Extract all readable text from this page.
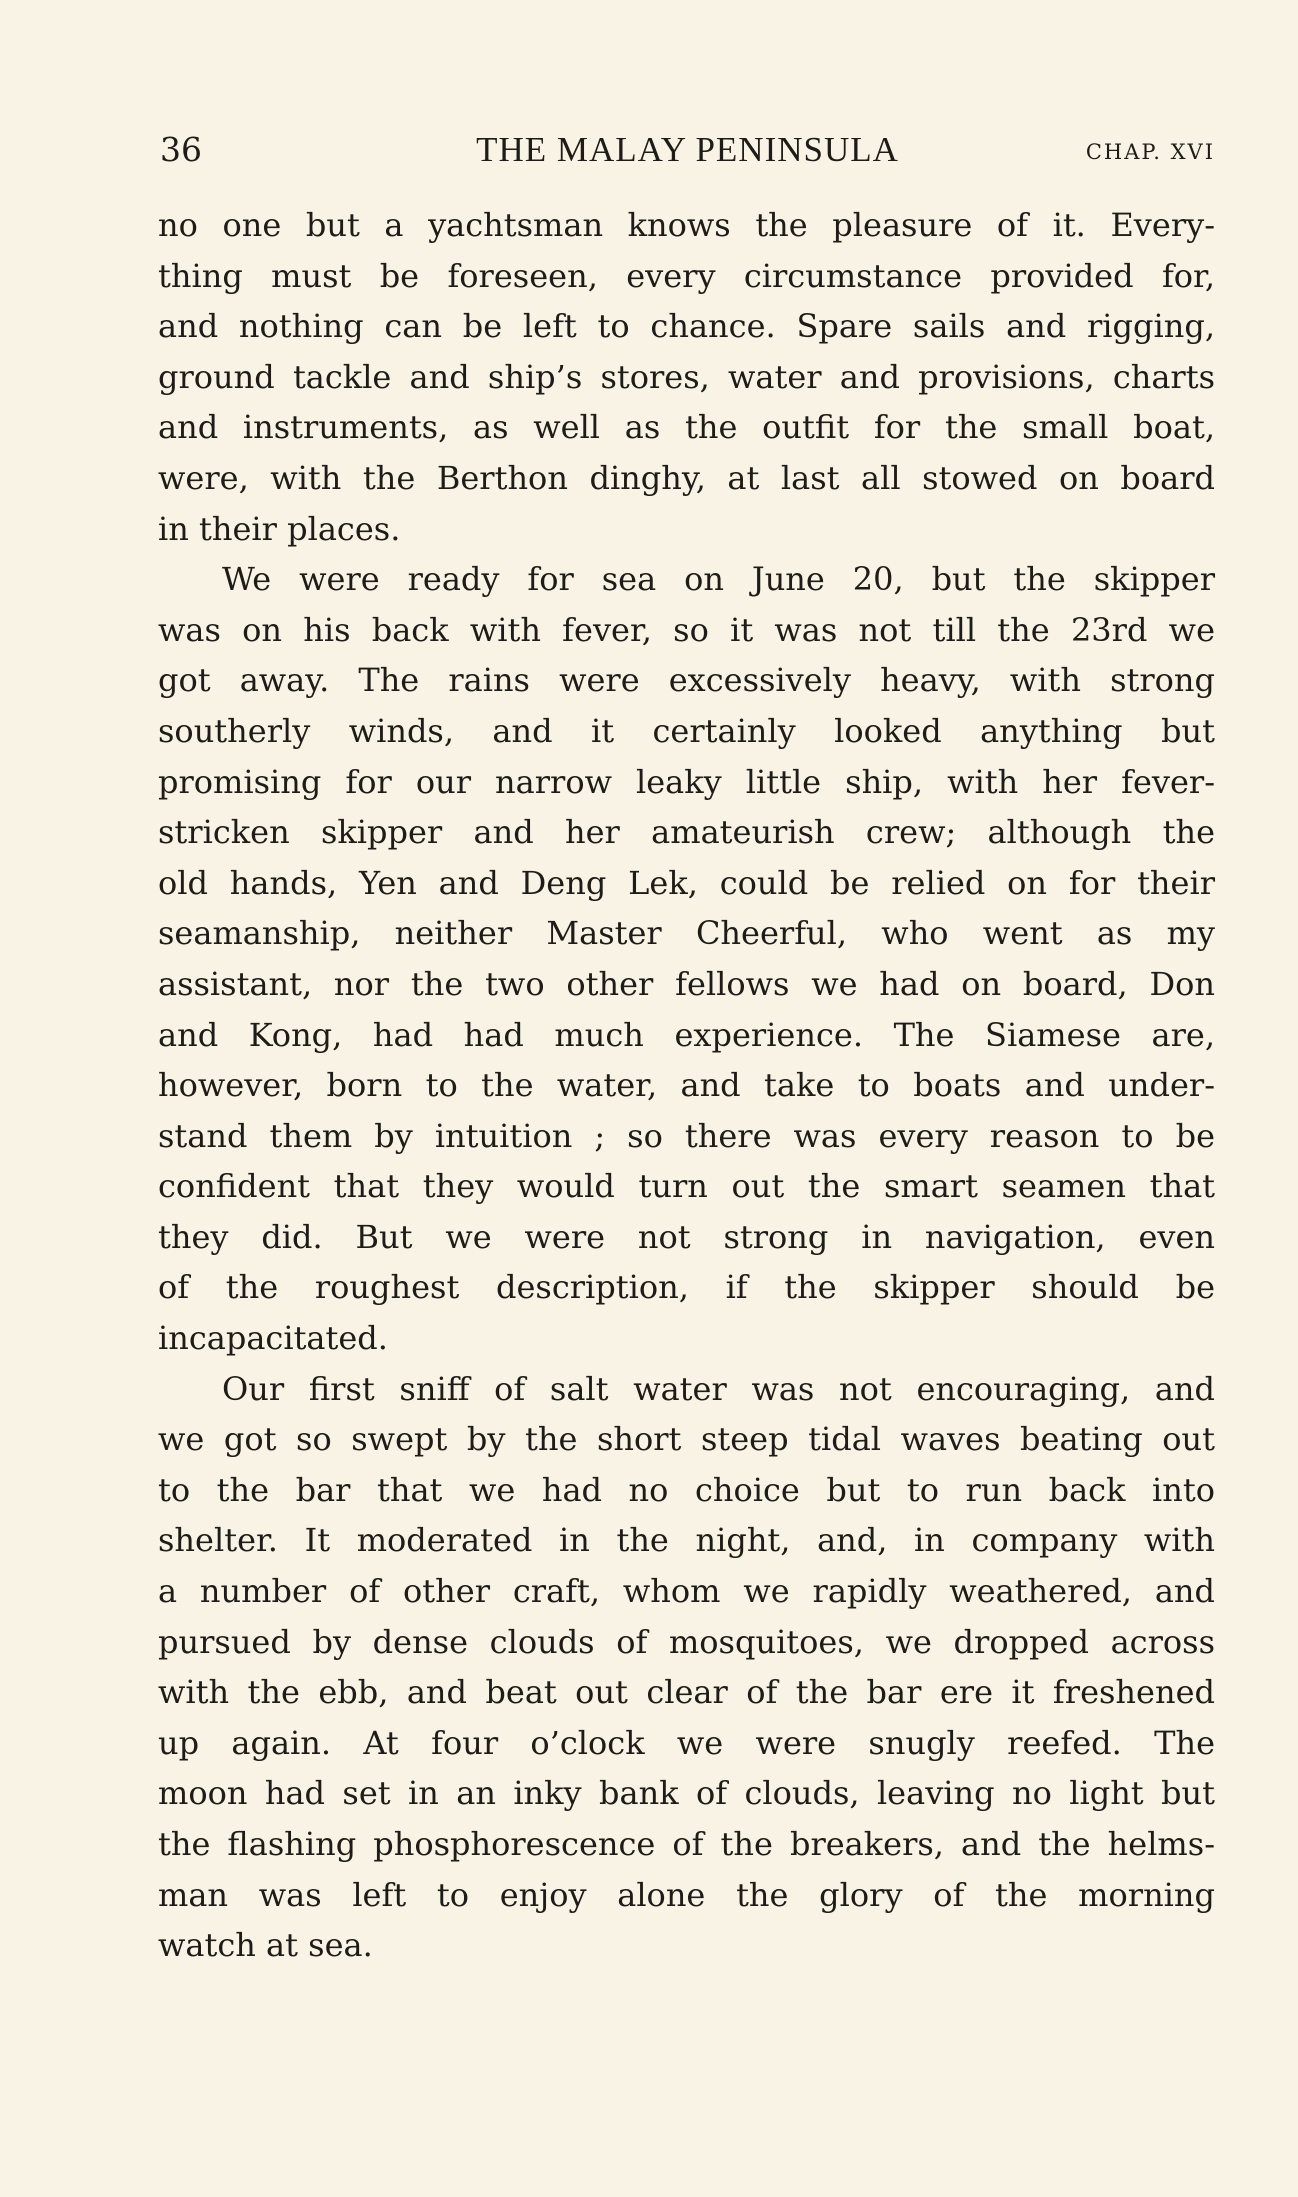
36	THE MALAY PENINSULA	CHAP. XVI

no one but a yachtsman knows the pleasure of it. Every-
thing must be foreseen, every circumstance provided for,
and nothing can be left to chance. Spare sails and rigging,
ground tackle and ship’s stores, water and provisions, charts
and instruments, as well as the outfit for the small boat,
were, with the Berthon dinghy, at last all stowed on board
in their places.

We were ready for sea on June 20, but the skipper
was on his back with fever, so it was not till the 23rd we
got away. The rains were excessively heavy, with strong
southerly winds, and it certainly looked anything but
promising for our narrow leaky little ship, with her fever-
stricken skipper and her amateurish crew; although the
old hands, Yen and Deng Lek, could be relied on for their
seamanship, neither Master Cheerful, who went as my
assistant, nor the two other fellows we had on board, Don
and Kong, had had much experience. The Siamese are,
however, born to the water, and take to boats and under-
stand them by intuition ; so there was every reason to be
confident that they would turn out the smart seamen that
they did. But we were not strong in navigation, even
of the roughest description, if the skipper should be
incapacitated.

Our first sniff of salt water was not encouraging, and
we got so swept by the short steep tidal waves beating out
to the bar that we had no choice but to run back into
shelter. It moderated in the night, and, in company with
a number of other craft, whom we rapidly weathered, and
pursued by dense clouds of mosquitoes, we dropped across
with the ebb, and beat out clear of the bar ere it freshened
up again. At four o’clock we were snugly reefed. The
moon had set in an inky bank of clouds, leaving no light but
the flashing phosphorescence of the breakers, and the helms-
man was left to enjoy alone the glory of the morning
watch at sea.
